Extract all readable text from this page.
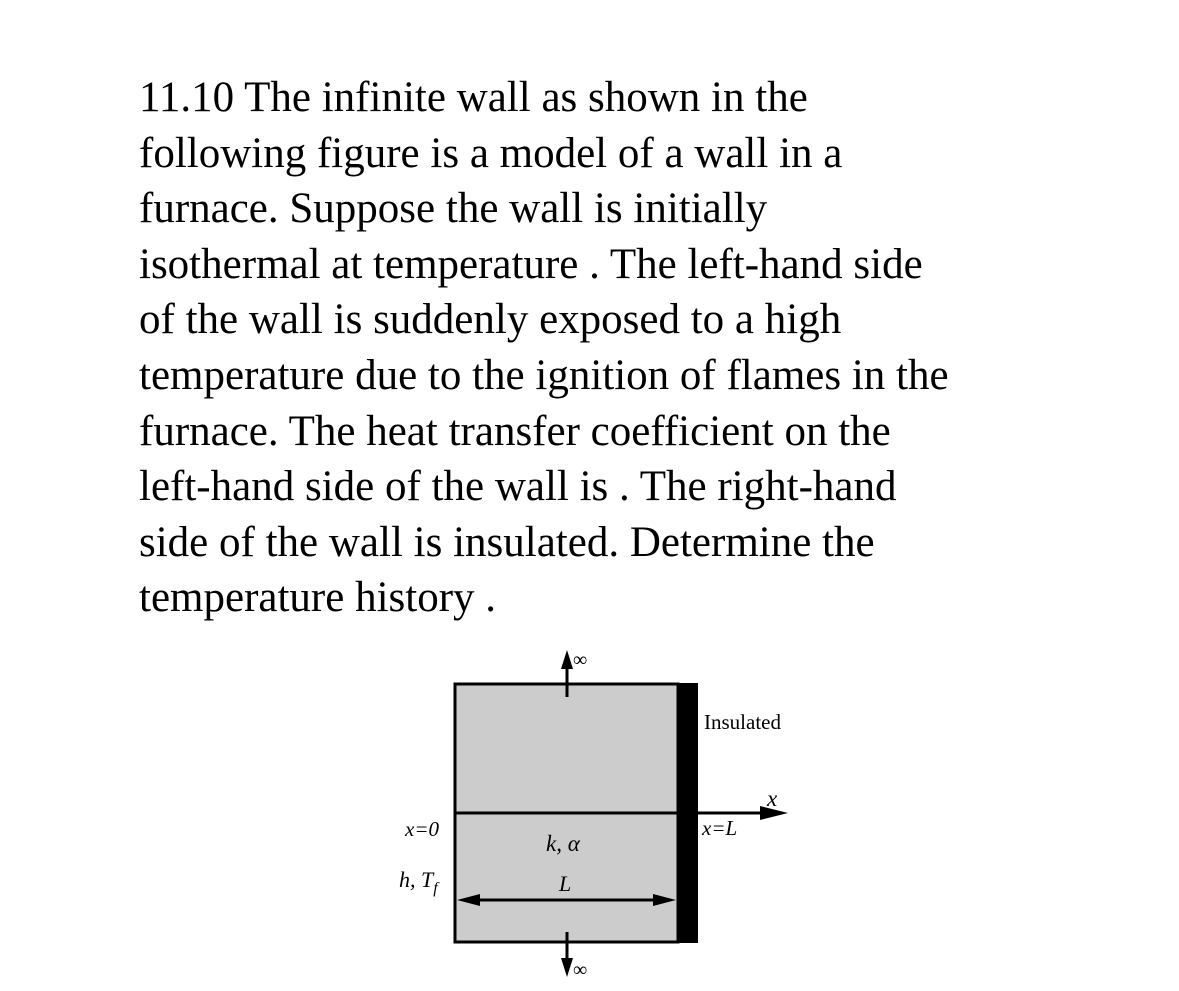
11.10 The infinite wall as shown in the
following figure is a model of a wall in a
furnace. Suppose the wall is initially
isothermal at temperature . The left-hand side
of the wall is suddenly exposed to a high
temperature due to the ignition of flames in the
furnace. The heat transfer coefficient on the
left-hand side of the wall is . The right-hand
side of the wall is insulated. Determine the
temperature history .
∞
∞
Insulated
x
x=0	x=L
k, α
L
h, $T_f$
